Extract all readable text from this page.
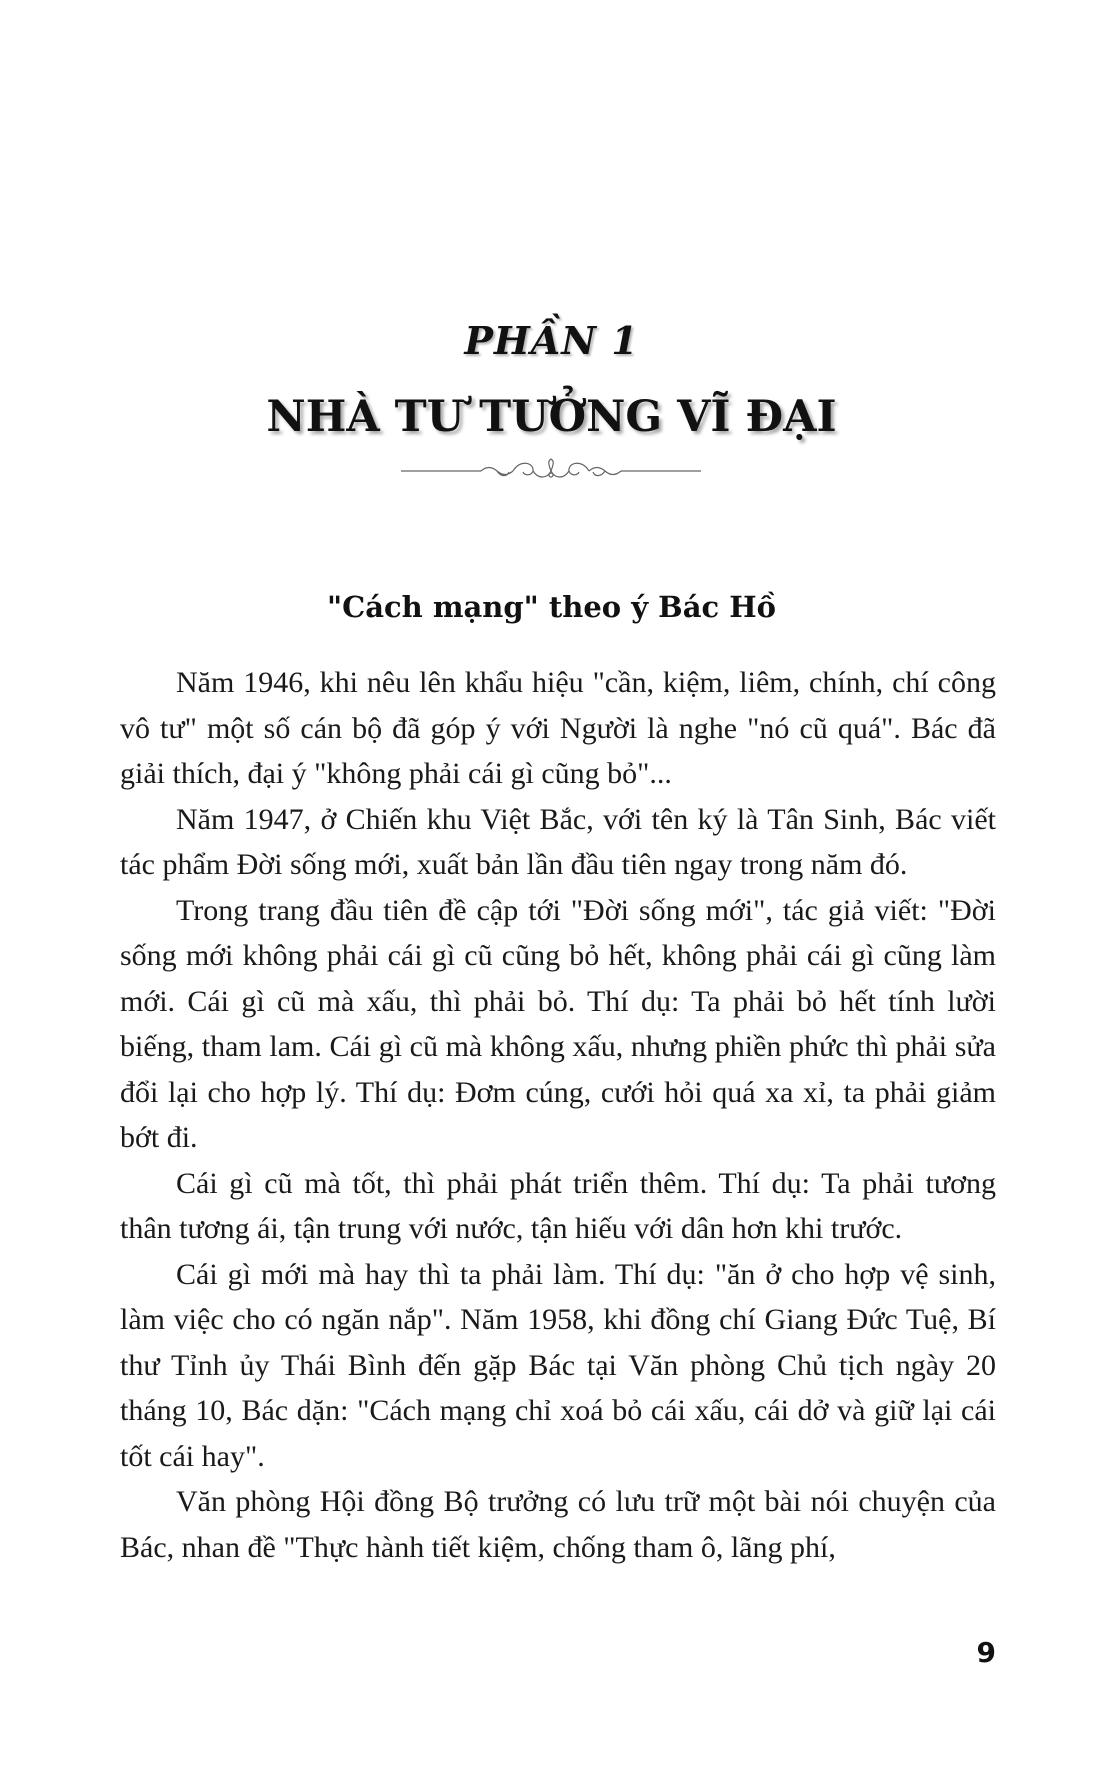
PHẦN 1
NHÀ TƯ TƯỞNG VĨ ĐẠI
"Cách mạng" theo ý Bác Hồ

Năm 1946, khi nêu lên khẩu hiệu "cần, kiệm, liêm, chính, chí công vô tư" một số cán bộ đã góp ý với Người là nghe "nó cũ quá". Bác đã giải thích, đại ý "không phải cái gì cũng bỏ"...

Năm 1947, ở Chiến khu Việt Bắc, với tên ký là Tân Sinh, Bác viết tác phẩm Đời sống mới, xuất bản lần đầu tiên ngay trong năm đó.

Trong trang đầu tiên đề cập tới "Đời sống mới", tác giả viết: "Đời sống mới không phải cái gì cũ cũng bỏ hết, không phải cái gì cũng làm mới. Cái gì cũ mà xấu, thì phải bỏ. Thí dụ: Ta phải bỏ hết tính lười biếng, tham lam. Cái gì cũ mà không xấu, nhưng phiền phức thì phải sửa đổi lại cho hợp lý. Thí dụ: Đơm cúng, cưới hỏi quá xa xỉ, ta phải giảm bớt đi.

Cái gì cũ mà tốt, thì phải phát triển thêm. Thí dụ: Ta phải tương thân tương ái, tận trung với nước, tận hiếu với dân hơn khi trước.

Cái gì mới mà hay thì ta phải làm. Thí dụ: "ăn ở cho hợp vệ sinh, làm việc cho có ngăn nắp". Năm 1958, khi đồng chí Giang Đức Tuệ, Bí thư Tỉnh ủy Thái Bình đến gặp Bác tại Văn phòng Chủ tịch ngày 20 tháng 10, Bác dặn: "Cách mạng chỉ xoá bỏ cái xấu, cái dở và giữ lại cái tốt cái hay".

Văn phòng Hội đồng Bộ trưởng có lưu trữ một bài nói chuyện của Bác, nhan đề "Thực hành tiết kiệm, chống tham ô, lãng phí,

9
